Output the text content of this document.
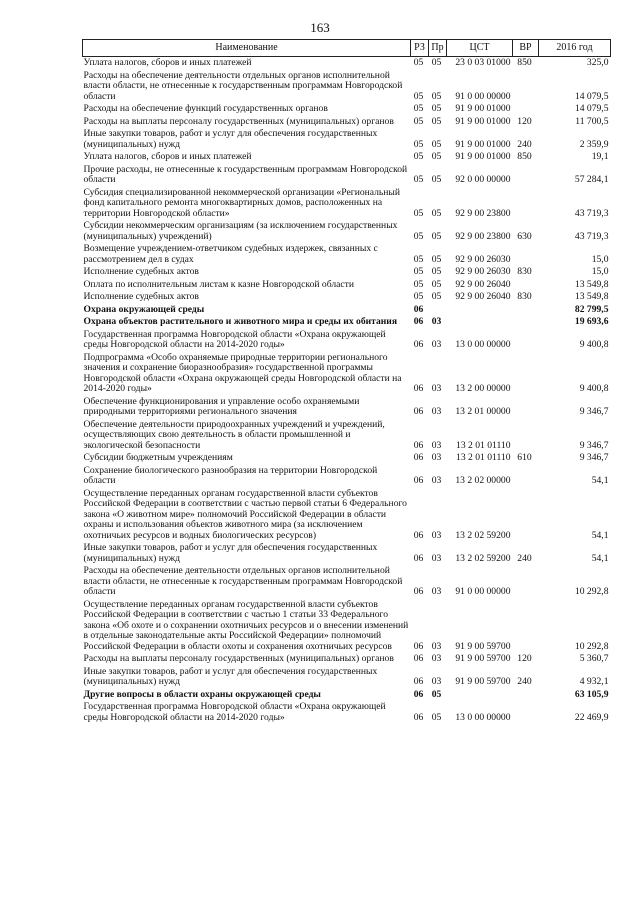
163
Наименование	РЗ	Пр	ЦСТ	ВР	2016 год
Уплата налогов, сборов и иных платежей	05	05	23 0 03 01000	850	325,0
Расходы на обеспечение деятельности отдельных органов исполнительной власти области, не отнесенные к государственным программам Новгородской области	05	05	91 0 00 00000		14 079,5
Расходы на обеспечение функций государственных органов	05	05	91 9 00 01000		14 079,5
Расходы на выплаты персоналу государственных (муниципальных) органов	05	05	91 9 00 01000	120	11 700,5
Иные закупки товаров, работ и услуг для обеспечения государственных (муниципальных) нужд	05	05	91 9 00 01000	240	2 359,9
Уплата налогов, сборов и иных платежей	05	05	91 9 00 01000	850	19,1
Прочие расходы, не отнесенные к государственным программам Новгородской области	05	05	92 0 00 00000		57 284,1
Субсидия специализированной некоммерческой организации «Региональный фонд капитального ремонта многоквартирных домов, расположенных на территории Новгородской области»	05	05	92 9 00 23800		43 719,3
Субсидии некоммерческим организациям (за исключением государственных (муниципальных) учреждений)	05	05	92 9 00 23800	630	43 719,3
Возмещение учреждением-ответчиком судебных издержек, связанных с рассмотрением дел в судах	05	05	92 9 00 26030		15,0
Исполнение судебных актов	05	05	92 9 00 26030	830	15,0
Оплата по исполнительным листам к казне Новгородской области	05	05	92 9 00 26040		13 549,8
Исполнение судебных актов	05	05	92 9 00 26040	830	13 549,8
Охрана окружающей среды	06				82 799,5
Охрана объектов растительного и животного мира и среды их обитания	06	03			19 693,6
Государственная программа Новгородской области «Охрана окружающей среды Новгородской области на 2014-2020 годы»	06	03	13 0 00 00000		9 400,8
Подпрограмма «Особо охраняемые природные территории регионального значения и сохранение биоразнообразия» государственной программы Новгородской области «Охрана окружающей среды Новгородской области на 2014-2020 годы»	06	03	13 2 00 00000		9 400,8
Обеспечение функционирования и управление особо охраняемыми природными территориями регионального значения	06	03	13 2 01 00000		9 346,7
Обеспечение деятельности природоохранных учреждений и учреждений, осуществляющих свою деятельность в области промышленной и экологической безопасности	06	03	13 2 01 01110		9 346,7
Субсидии бюджетным учреждениям	06	03	13 2 01 01110	610	9 346,7
Сохранение биологического разнообразия на территории Новгородской области	06	03	13 2 02 00000		54,1
Осуществление переданных органам государственной власти субъектов Российской Федерации в соответствии с частью первой статьи 6 Федерального закона «О животном мире» полномочий Российской Федерации в области охраны и использования объектов животного мира (за исключением охотничьих ресурсов и водных биологических ресурсов)	06	03	13 2 02 59200		54,1
Иные закупки товаров, работ и услуг для обеспечения государственных (муниципальных) нужд	06	03	13 2 02 59200	240	54,1
Расходы на обеспечение деятельности отдельных органов исполнительной власти области, не отнесенные к государственным программам Новгородской области	06	03	91 0 00 00000		10 292,8
Осуществление переданных органам государственной власти субъектов Российской Федерации в соответствии с частью 1 статьи 33 Федерального закона «Об охоте и о сохранении охотничьих ресурсов и о внесении изменений в отдельные законодательные акты Российской Федерации» полномочий Российской Федерации в области охоты и сохранения охотничьих ресурсов	06	03	91 9 00 59700		10 292,8
Расходы на выплаты персоналу государственных (муниципальных) органов	06	03	91 9 00 59700	120	5 360,7
Иные закупки товаров, работ и услуг для обеспечения государственных (муниципальных) нужд	06	03	91 9 00 59700	240	4 932,1
Другие вопросы в области охраны окружающей среды	06	05			63 105,9
Государственная программа Новгородской области «Охрана окружающей среды Новгородской области на 2014-2020 годы»	06	05	13 0 00 00000		22 469,9
